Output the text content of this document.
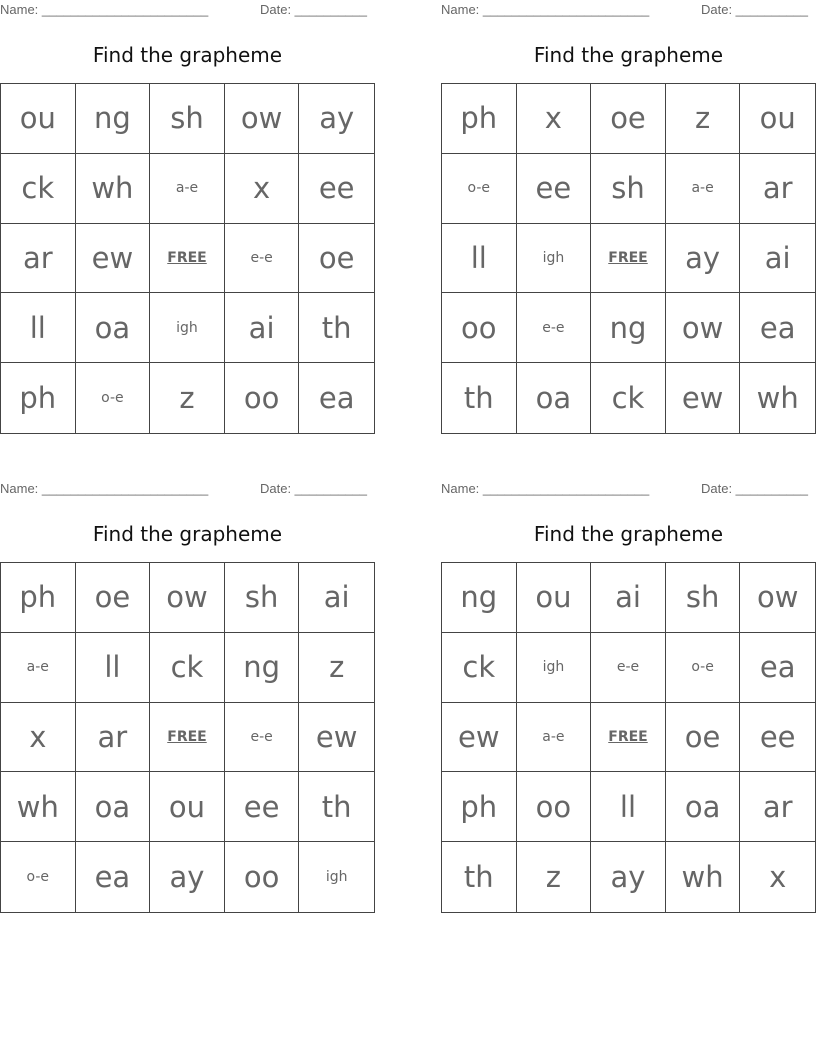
Name: _______________________	Date: __________
Find the grapheme
ou	ng	sh	ow	ay
ck	wh	a-e	x	ee
ar	ew	FREE	e-e	oe
ll	oa	igh	ai	th
ph	o-e	z	oo	ea
Name: _______________________	Date: __________
Find the grapheme
ph	x	oe	z	ou
o-e	ee	sh	a-e	ar
ll	igh	FREE	ay	ai
oo	e-e	ng	ow	ea
th	oa	ck	ew	wh
Name: _______________________	Date: __________
Find the grapheme
ph	oe	ow	sh	ai
a-e	ll	ck	ng	z
x	ar	FREE	e-e	ew
wh	oa	ou	ee	th
o-e	ea	ay	oo	igh
Name: _______________________	Date: __________
Find the grapheme
ng	ou	ai	sh	ow
ck	igh	e-e	o-e	ea
ew	a-e	FREE	oe	ee
ph	oo	ll	oa	ar
th	z	ay	wh	x
